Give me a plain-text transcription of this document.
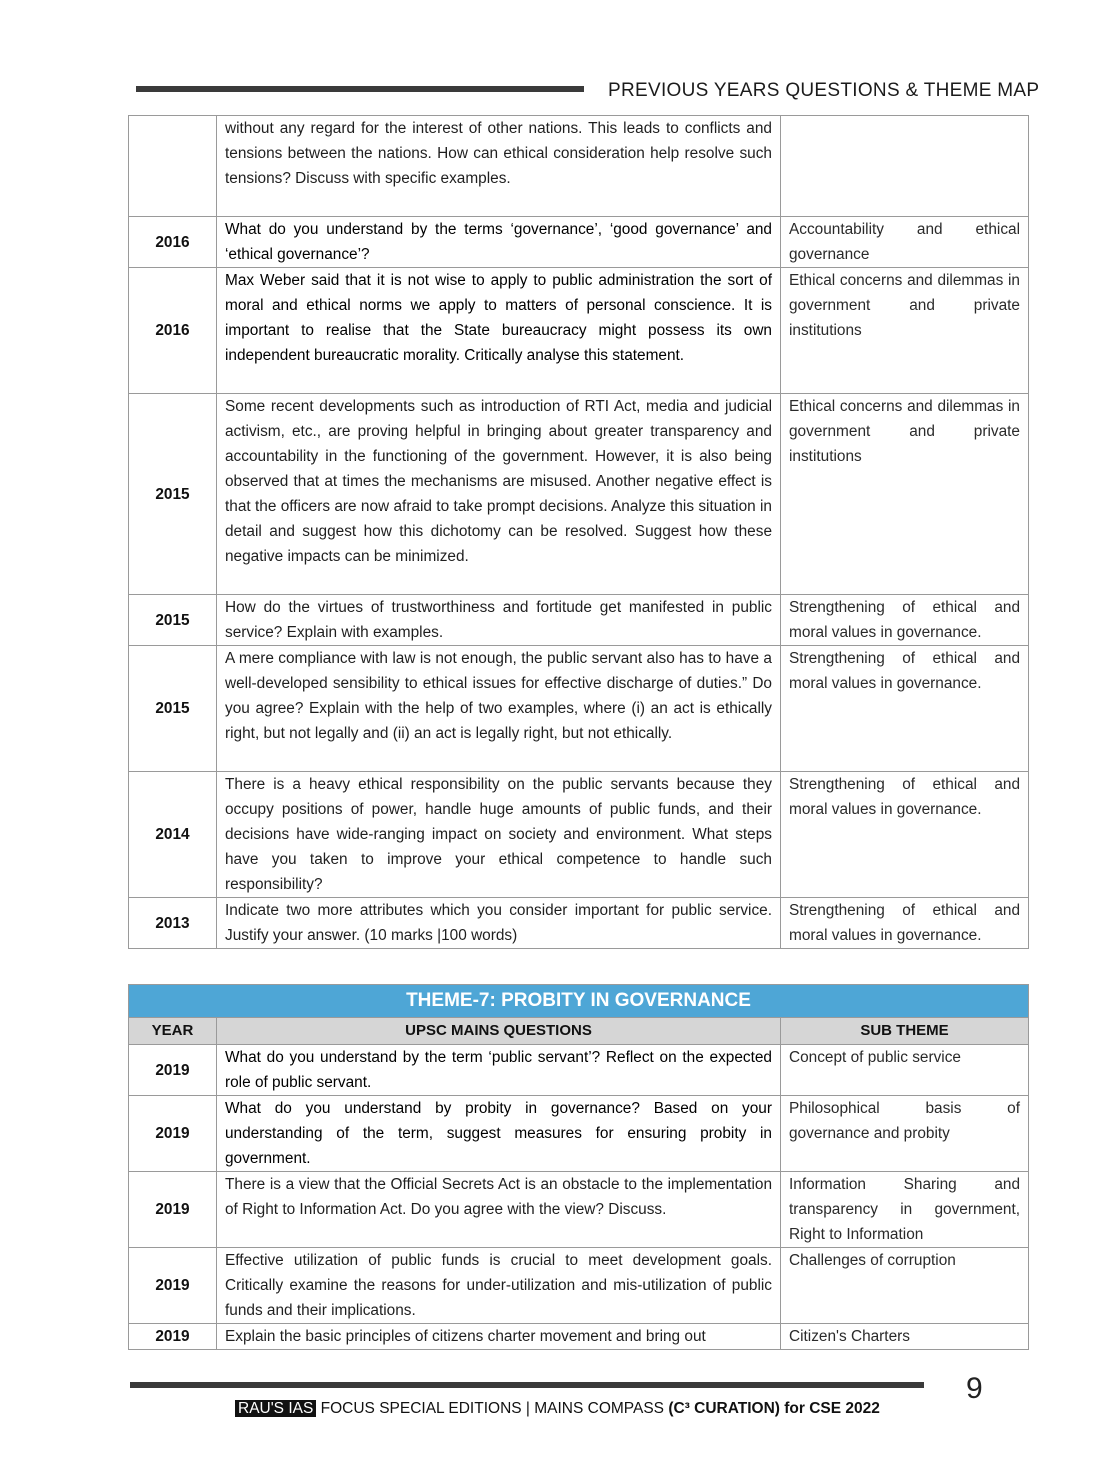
PREVIOUS YEARS QUESTIONS & THEME MAP
	without any regard for the interest of other nations. This leads to conflicts and tensions between the nations. How can ethical consideration help resolve such tensions? Discuss with specific examples.	
2016	What do you understand by the terms ‘governance’, ‘good governance’ and ‘ethical governance’?	Accountability and ethical governance
2016	Max Weber said that it is not wise to apply to public administration the sort of moral and ethical norms we apply to matters of personal conscience. It is important to realise that the State bureaucracy might possess its own independent bureaucratic morality. Critically analyse this statement.	Ethical concerns and dilemmas in government and private institutions
2015	Some recent developments such as introduction of RTI Act, media and judicial activism, etc., are proving helpful in bringing about greater transparency and accountability in the functioning of the government. However, it is also being observed that at times the mechanisms are misused. Another negative effect is that the officers are now afraid to take prompt decisions. Analyze this situation in detail and suggest how this dichotomy can be resolved. Suggest how these negative impacts can be minimized.	Ethical concerns and dilemmas in government and private institutions
2015	How do the virtues of trustworthiness and fortitude get manifested in public service? Explain with examples.	Strengthening of ethical and moral values in governance.
2015	A mere compliance with law is not enough, the public servant also has to have a well-developed sensibility to ethical issues for effective discharge of duties.” Do you agree? Explain with the help of two examples, where (i) an act is ethically right, but not legally and (ii) an act is legally right, but not ethically.	Strengthening of ethical and moral values in governance.
2014	There is a heavy ethical responsibility on the public servants because they occupy positions of power, handle huge amounts of public funds, and their decisions have wide-ranging impact on society and environment. What steps have you taken to improve your ethical competence to handle such responsibility?	Strengthening of ethical and moral values in governance.
2013	Indicate two more attributes which you consider important for public service. Justify your answer. (10 marks |100 words)	Strengthening of ethical and moral values in governance.
THEME-7: PROBITY IN GOVERNANCE		
YEAR	UPSC MAINS QUESTIONS	SUB THEME
2019	What do you understand by the term ‘public servant’? Reflect on the expected role of public servant.	Concept of public service
2019	What do you understand by probity in governance? Based on your understanding of the term, suggest measures for ensuring probity in government.	Philosophical basis of governance and probity
2019	There is a view that the Official Secrets Act is an obstacle to the implementation of Right to Information Act. Do you agree with the view? Discuss.	Information Sharing and transparency in government, Right to Information
2019	Effective utilization of public funds is crucial to meet development goals. Critically examine the reasons for under-utilization and mis-utilization of public funds and their implications.	Challenges of corruption
2019	Explain the basic principles of citizens charter movement and bring out	Citizen's Charters
9
RAU'S IAS FOCUS SPECIAL EDITIONS | MAINS COMPASS (C³ CURATION) for CSE 2022
